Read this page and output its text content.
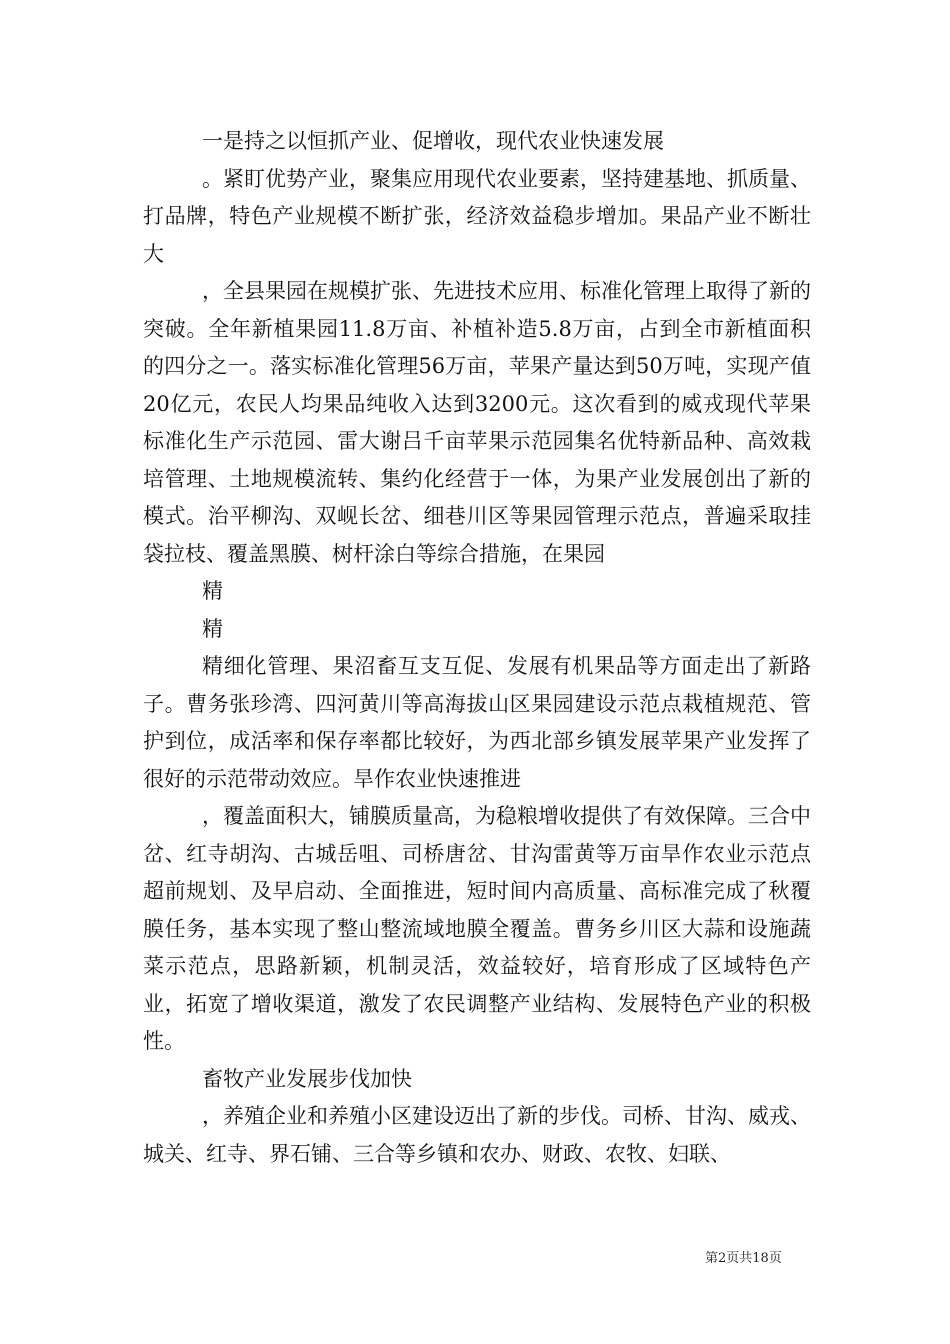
一是持之以恒抓产业、促增收，现代农业快速发展

。紧盯优势产业，聚集应用现代农业要素，坚持建基地、抓质量、打品牌，特色产业规模不断扩张，经济效益稳步增加。果品产业不断壮大

，全县果园在规模扩张、先进技术应用、标准化管理上取得了新的突破。全年新植果园11.8万亩、补植补造5.8万亩，占到全市新植面积的四分之一。落实标准化管理56万亩，苹果产量达到50万吨，实现产值20亿元，农民人均果品纯收入达到3200元。这次看到的威戎现代苹果标准化生产示范园、雷大谢吕千亩苹果示范园集名优特新品种、高效栽培管理、土地规模流转、集约化经营于一体，为果产业发展创出了新的模式。治平柳沟、双岘长岔、细巷川区等果园管理示范点，普遍采取挂袋拉枝、覆盖黑膜、树杆涂白等综合措施，在果园

精

精

精细化管理、果沼畜互支互促、发展有机果品等方面走出了新路子。曹务张珍湾、四河黄川等高海拔山区果园建设示范点栽植规范、管护到位，成活率和保存率都比较好，为西北部乡镇发展苹果产业发挥了很好的示范带动效应。旱作农业快速推进

，覆盖面积大，铺膜质量高，为稳粮增收提供了有效保障。三合中岔、红寺胡沟、古城岳咀、司桥唐岔、甘沟雷黄等万亩旱作农业示范点超前规划、及早启动、全面推进，短时间内高质量、高标准完成了秋覆膜任务，基本实现了整山整流域地膜全覆盖。曹务乡川区大蒜和设施蔬菜示范点，思路新颖，机制灵活，效益较好，培育形成了区域特色产业，拓宽了增收渠道，激发了农民调整产业结构、发展特色产业的积极性。

畜牧产业发展步伐加快

，养殖企业和养殖小区建设迈出了新的步伐。司桥、甘沟、威戎、城关、红寺、界石铺、三合等乡镇和农办、财政、农牧、妇联、

第2页共18页
